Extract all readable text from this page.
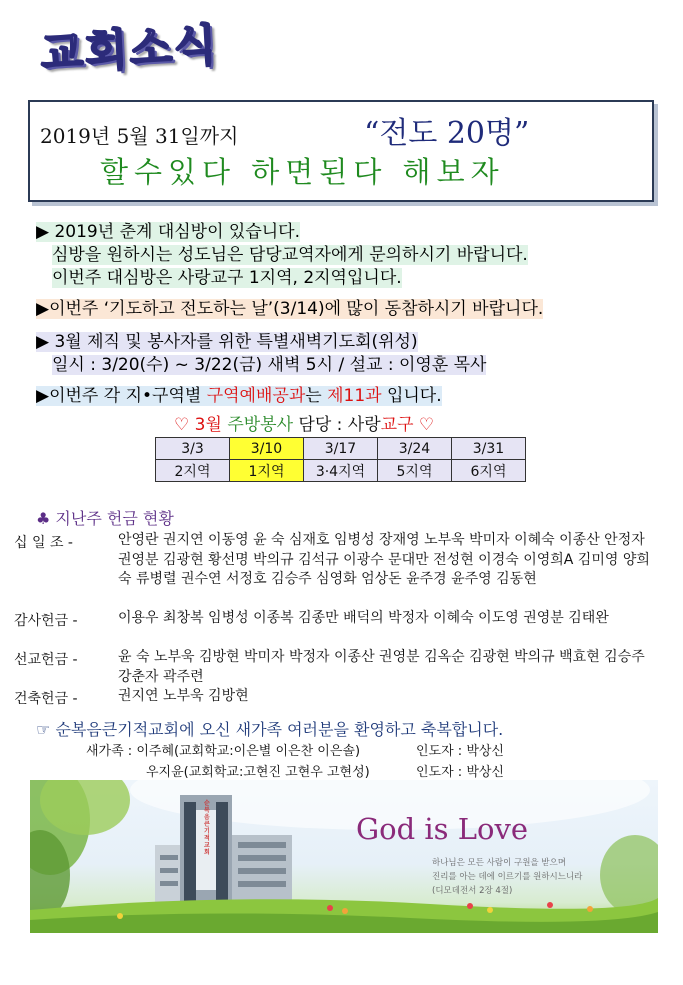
교회소식
2019년 5월 31일까지	“전도 20명”
할수있다 하면된다 해보자
▶ 2019년 춘계 대심방이 있습니다.
심방을 원하시는 성도님은 담당교역자에게 문의하시기 바랍니다.
이번주 대심방은 사랑교구 1지역, 2지역입니다.
▶이번주 ‘기도하고 전도하는 날’(3/14)에 많이 동참하시기 바랍니다.
▶ 3월 제직 및 봉사자를 위한 특별새벽기도회(위성)
일시 : 3/20(수) ~ 3/22(금) 새벽 5시 / 설교 : 이영훈 목사
▶이번주 각 지•구역별 구역예배공과는 제11과 입니다.
♡ 3월 주방봉사 담당 : 사랑교구 ♡
3/3	3/10	3/17	3/24	3/31
2지역	1지역	3·4지역	5지역	6지역
♣ 지난주 헌금 현황
십 일 조 -	안영란 권지연 이동영 윤 숙 심재호 임병성 장재영 노부욱 박미자 이혜숙 이종산 안정자 권영분 김광현 황선명 박의규 김석규 이광수 문대만 전성현 이경숙 이영희A 김미영 양희숙 류병렬 권수연 서정호 김승주 심영화 엄상돈 윤주경 윤주영 김동현
감사헌금 -	이용우 최창복 임병성 이종복 김종만 배덕의 박정자 이혜숙 이도영 권영분 김태완
선교헌금 -	윤 숙 노부욱 김방현 박미자 박정자 이종산 권영분 김옥순 김광현 박의규 백효현 김승주 강춘자 곽주련
건축헌금 -	권지연 노부욱 김방현
☞ 순복음큰기적교회에 오신 새가족 여러분을 환영하고 축복합니다.
새가족 : 이주혜(교회학교:이은별 이은찬 이은솔)	인도자 : 박상신
우지윤(교회학교:고현진 고현우 고현성)	인도자 : 박상신
순복음큰기적교회
God is Love
하나님은 모든 사람이 구원을 받으며
진리를 아는 데에 이르기를 원하시느니라
(디모데전서 2장 4절)
